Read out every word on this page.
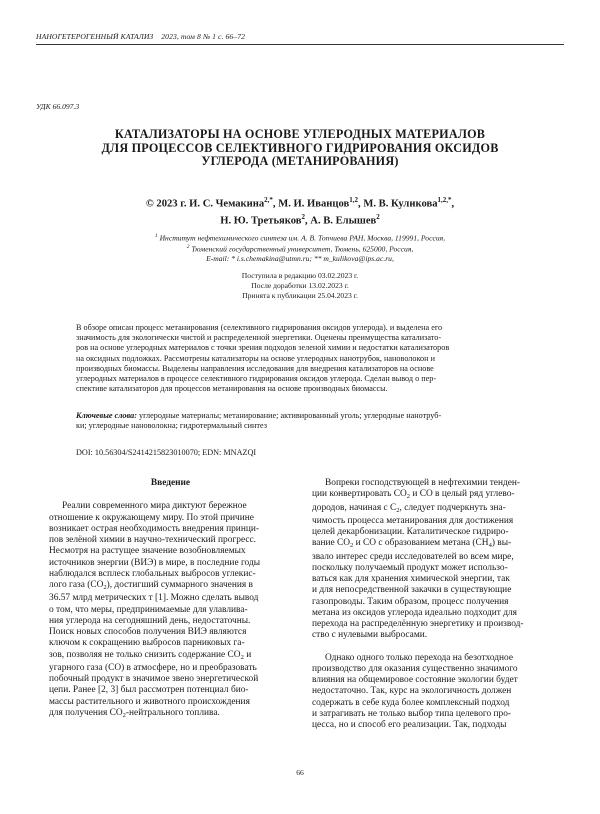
НАНОГЕТЕРОГЕННЫЙ КАТАЛИЗ 2023, том 8 № 1 с. 66–72
УДК 66.097.3
КАТАЛИЗАТОРЫ НА ОСНОВЕ УГЛЕРОДНЫХ МАТЕРИАЛОВ
ДЛЯ ПРОЦЕССОВ СЕЛЕКТИВНОГО ГИДРИРОВАНИЯ ОКСИДОВ
УГЛЕРОДА (МЕТАНИРОВАНИЯ)
© 2023 г. И. С. Чемакина$^{2,*}$, М. И. Иванцов$^{1,2}$, М. В. Куликова$^{1,2,*}$,
Н. Ю. Третьяков$^2$, А. В. Елышев$^2$
$^1$ Институт нефтехимического синтеза им. А. В. Топчиева РАН, Москва, 119991, Россия,
$^2$ Тюменский государственный университет, Тюмень, 625000, Россия,
E-mail: * i.s.chemakina@utmn.ru; ** m_kulikova@ips.ac.ru,
Поступила в редакцию 03.02.2023 г.
После доработки 13.02.2023 г.
Принята к публикации 25.04.2023 г.
В обзоре описан процесс метанирования (селективного гидрирования оксидов углерода). и выделена его
значимость для экологически чистой и распределенной энергетики. Оценены преимущества катализато-
ров на основе углеродных материалов с точки зрения подходов зеленой химии и недостатки катализаторов
на оксидных подложках. Рассмотрены катализаторы на основе углеродных нанотрубок, нановолокон и
производных биомассы. Выделены направления исследования для внедрения катализаторов на основе
углеродных материалов в процессе селективного гидрирования оксидов углерода. Сделан вывод о пер-
спективе катализаторов для процессов метанирования на основе производных биомассы.
Ключевые слова: углеродные материалы; метанирование; активированный уголь; углеродные нанотруб-
ки; углеродные нановолокна; гидротермальный синтез
DOI: 10.56304/S2414215823010070; EDN: MNAZQI
Введение
Реалии современного мира диктуют бережное
отношение к окружающему миру. По этой причине
возникает острая необходимость внедрения принци-
пов зелёной химии в научно-технический прогресс.
Несмотря на растущее значение возобновляемых
источников энергии (ВИЭ) в мире, в последние годы
наблюдался всплеск глобальных выбросов углекис-
лого газа $(CO_2)$, достигший суммарного значения в
36.57 млрд метрических т [1]. Можно сделать вывод
о том, что меры, предпринимаемые для улавлива-
ния углерода на сегодняшний день, недостаточны.
Поиск новых способов получения ВИЭ являются
ключом к сокращению выбросов парниковых га-
зов, позволяя не только снизить содержание $CO_2$ и
угарного газа (CO) в атмосфере, но и преобразовать
побочный продукт в значимое звено энергетической
цепи. Ранее [2, 3] был рассмотрен потенциал био-
массы растительного и животного происхождения
для получения $CO_2$-нейтрального топлива.
Вопреки господствующей в нефтехимии тенден-
ции конвертировать $CO_2$ и CO в целый ряд углево-
дородов, начиная с $C_2$, следует подчеркнуть зна-
чимость процесса метанирования для достижения
целей декарбонизации. Каталитическое гидриро-
вание $CO_2$ и CO с образованием метана $(CH_4)$ вы-
звало интерес среди исследователей во всем мире,
поскольку получаемый продукт может использо-
ваться как для хранения химической энергии, так
и для непосредственной закачки в существующие
газопроводы. Таким образом, процесс получения
метана из оксидов углерода идеально подходит для
перехода на распределённую энергетику и производ-
ство с нулевыми выбросами.
Однако одного только перехода на безотходное
производство для оказания существенно значимого
влияния на общемировое состояние экологии будет
недостаточно. Так, курс на экологичность должен
содержать в себе куда более комплексный подход
и затрагивать не только выбор типа целевого про-
цесса, но и способ его реализации. Так, подходы
66
